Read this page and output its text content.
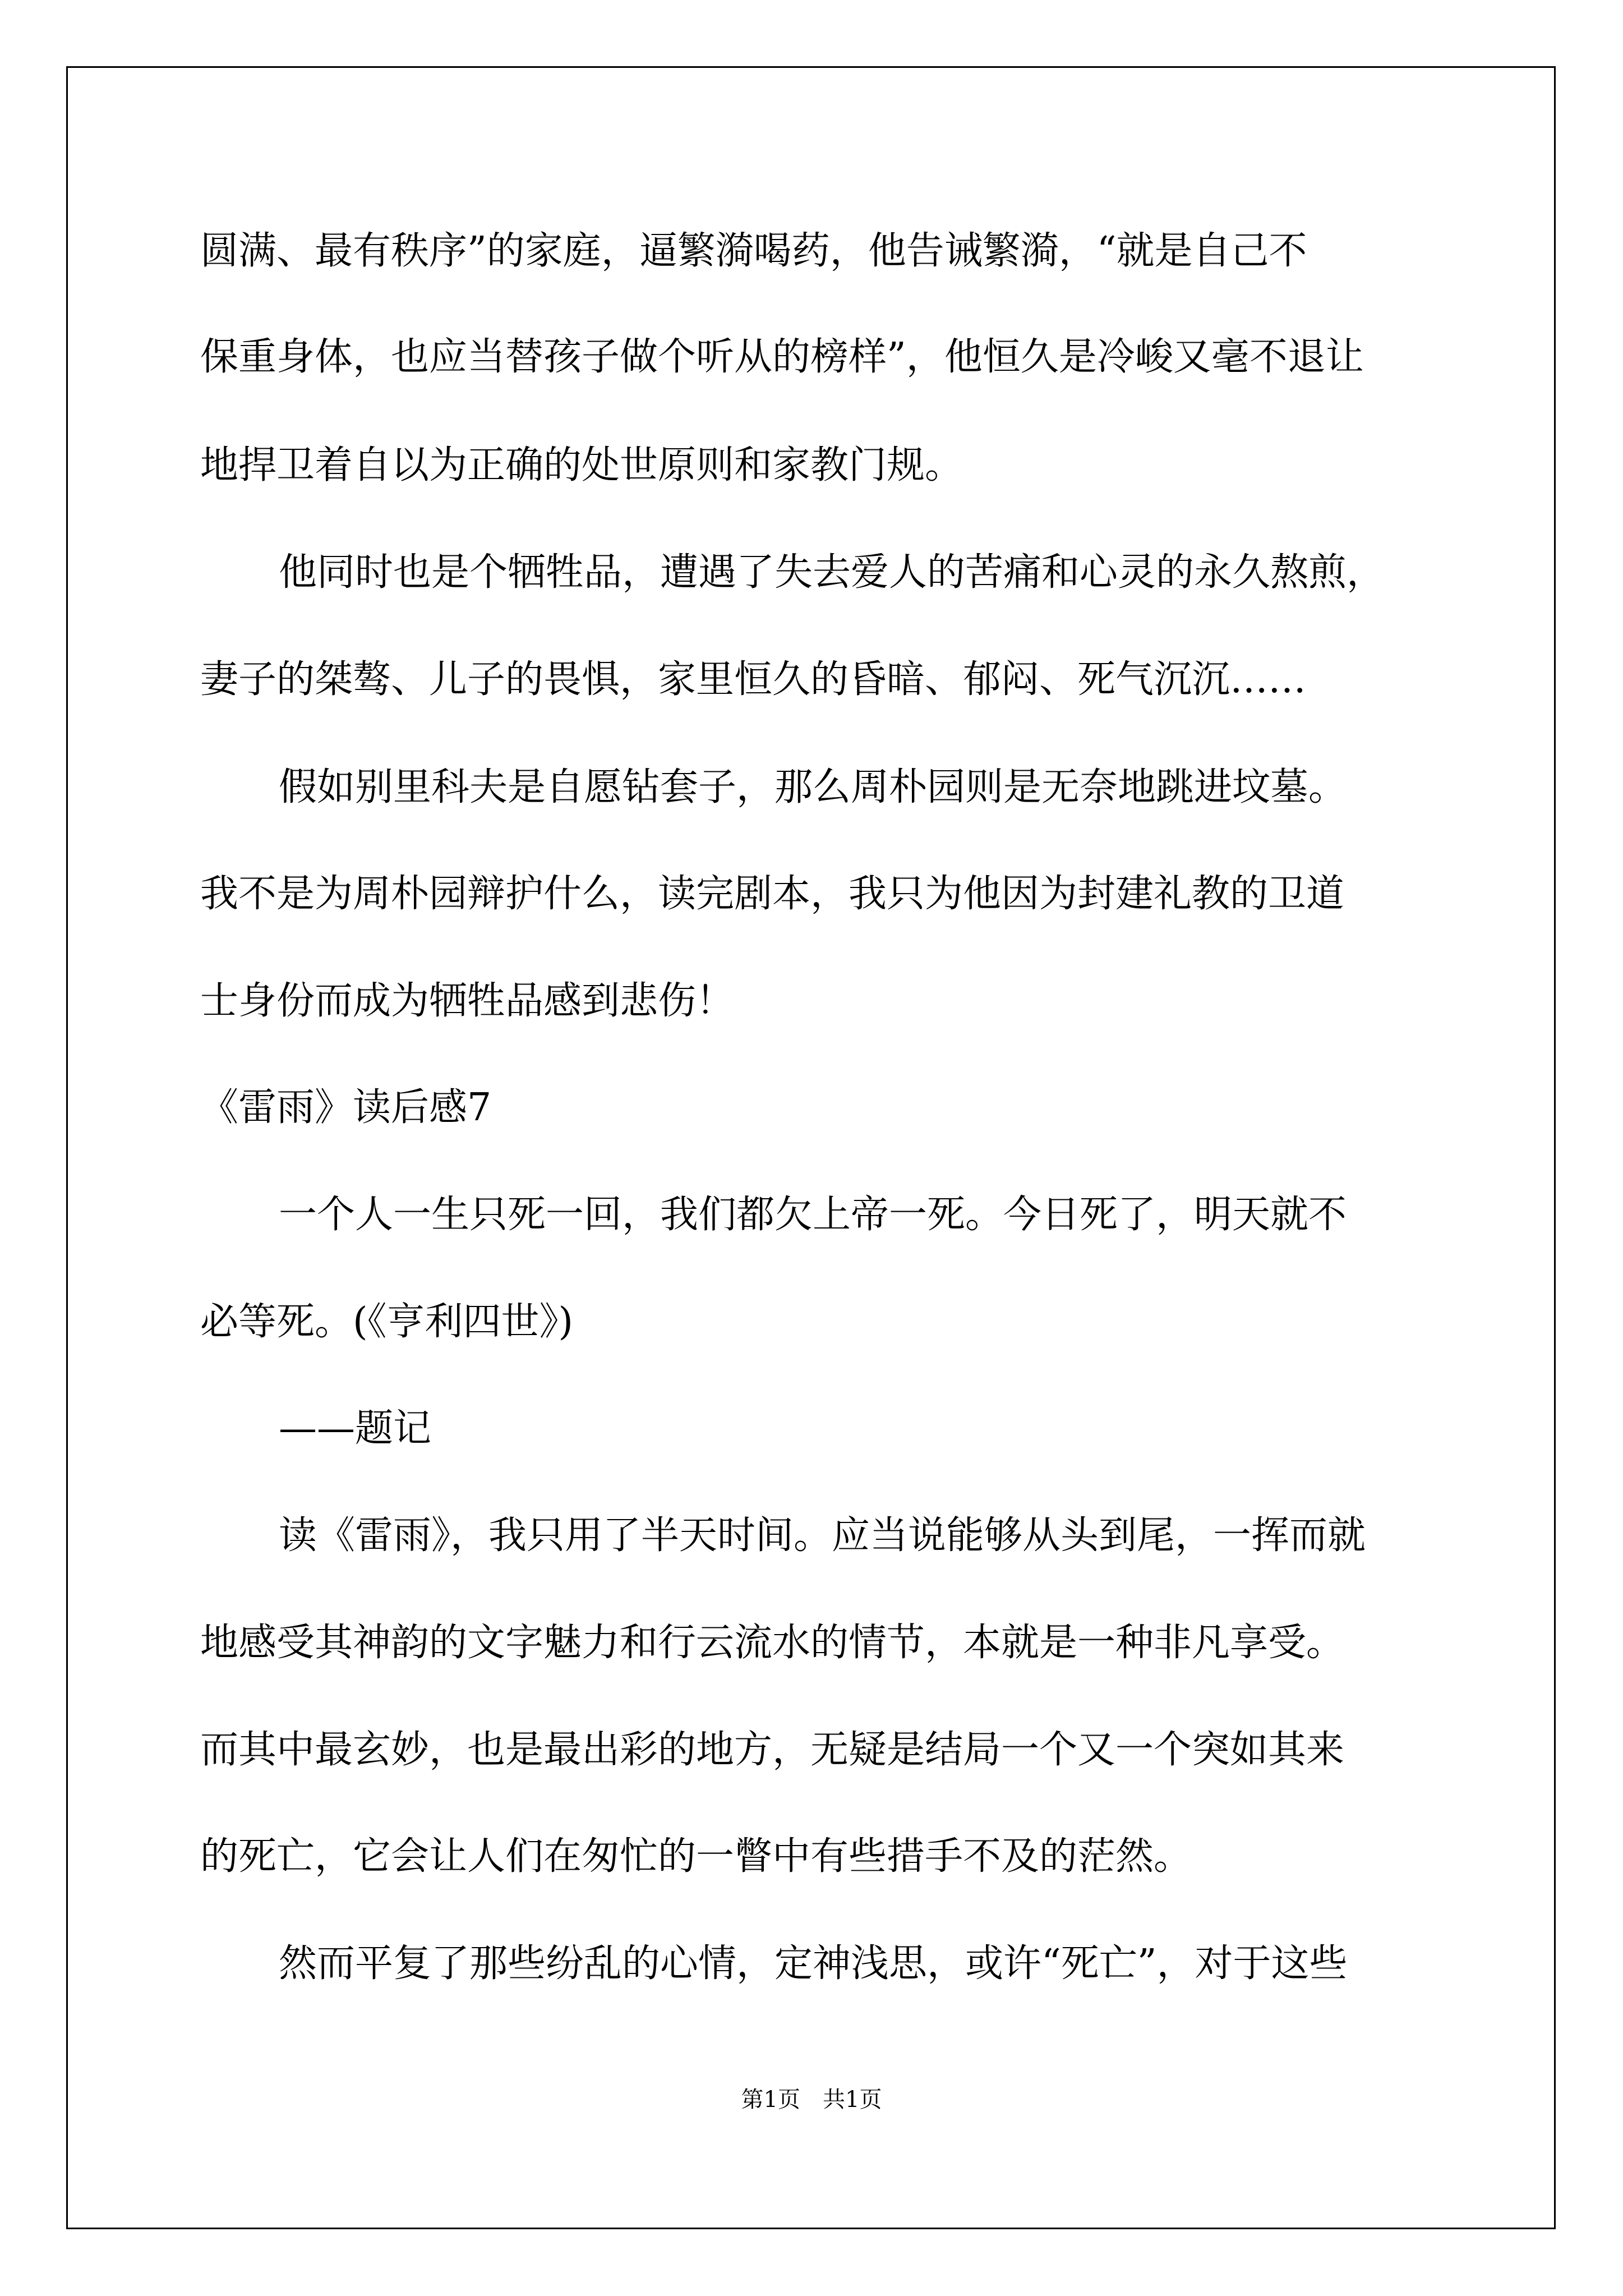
圆满、最有秩序”的家庭，逼繁漪喝药，他告诫繁漪，“就是自己不

保重身体，也应当替孩子做个听从的榜样”，他恒久是冷峻又毫不退让

地捍卫着自以为正确的处世原则和家教门规。

他同时也是个牺牲品，遭遇了失去爱人的苦痛和心灵的永久熬煎，

妻子的桀骜、儿子的畏惧，家里恒久的昏暗、郁闷、死气沉沉……

假如别里科夫是自愿钻套子，那么周朴园则是无奈地跳进坟墓。

我不是为周朴园辩护什么，读完剧本，我只为他因为封建礼教的卫道

士身份而成为牺牲品感到悲伤！

《雷雨》读后感7

一个人一生只死一回，我们都欠上帝一死。今日死了，明天就不

必等死。(《亨利四世》)

——题记

读《雷雨》，我只用了半天时间。应当说能够从头到尾，一挥而就

地感受其神韵的文字魅力和行云流水的情节，本就是一种非凡享受。

而其中最玄妙，也是最出彩的地方，无疑是结局一个又一个突如其来

的死亡，它会让人们在匆忙的一瞥中有些措手不及的茫然。

然而平复了那些纷乱的心情，定神浅思，或许“死亡”，对于这些

第1页　共1页
